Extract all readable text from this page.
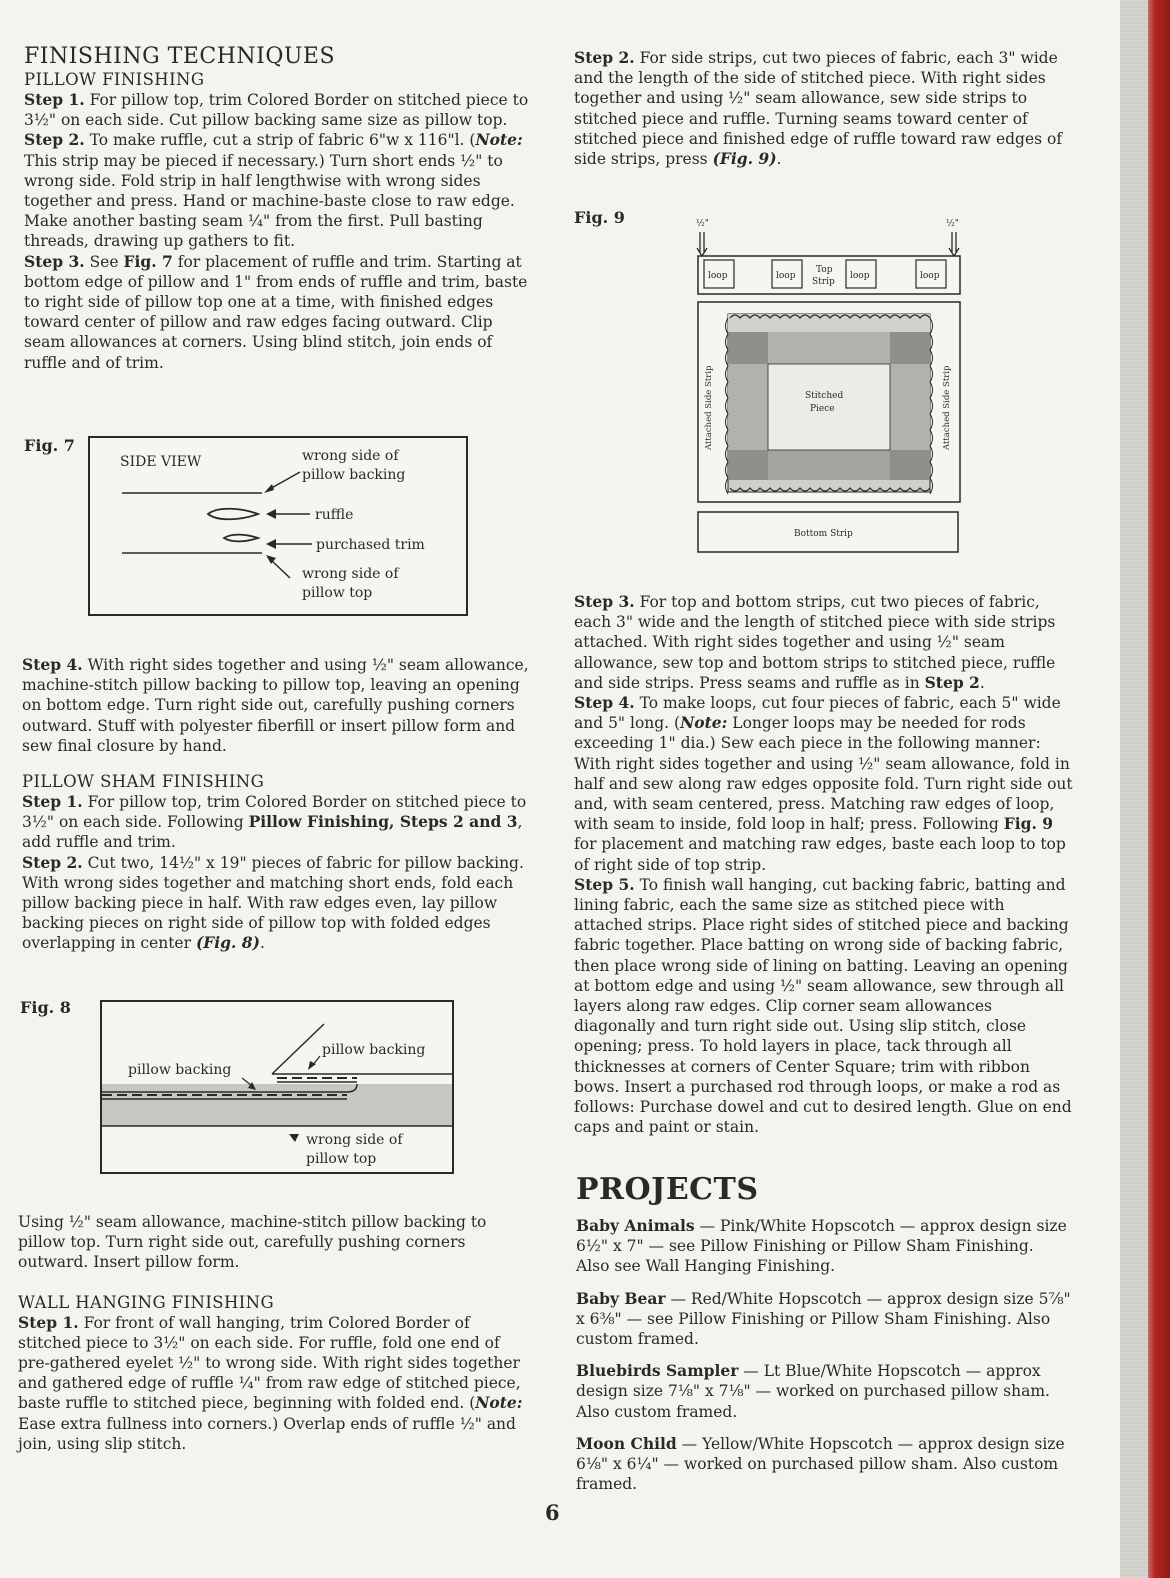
FINISHING TECHNIQUES

PILLOW FINISHING

Step 1. For pillow top, trim Colored Border on stitched piece to 3½" on each side. Cut pillow backing same size as pillow top.

Step 2. To make ruffle, cut a strip of fabric 6"w x 116"l. (Note: This strip may be pieced if necessary.) Turn short ends ½" to wrong side. Fold strip in half lengthwise with wrong sides together and press. Hand or machine-baste close to raw edge. Make another basting seam ¼" from the first. Pull basting threads, drawing up gathers to fit.

Step 3. See Fig. 7 for placement of ruffle and trim. Starting at bottom edge of pillow and 1" from ends of ruffle and trim, baste to right side of pillow top one at a time, with finished edges toward center of pillow and raw edges facing outward. Clip seam allowances at corners. Using blind stitch, join ends of ruffle and of trim.

Fig. 7
SIDE VIEW	wrong side of
pillow backing
ruffle
purchased trim
wrong side of
pillow top

Step 4. With right sides together and using ½" seam allowance, machine-stitch pillow backing to pillow top, leaving an opening on bottom edge. Turn right side out, carefully pushing corners outward. Stuff with polyester fiberfill or insert pillow form and sew final closure by hand.

PILLOW SHAM FINISHING

Step 1. For pillow top, trim Colored Border on stitched piece to 3½" on each side. Following Pillow Finishing, Steps 2 and 3, add ruffle and trim.

Step 2. Cut two, 14½" x 19" pieces of fabric for pillow backing. With wrong sides together and matching short ends, fold each pillow backing piece in half. With raw edges even, lay pillow backing pieces on right side of pillow top with folded edges overlapping in center (Fig. 8).

Fig. 8
pillow backing
pillow backing
wrong side of
pillow top

Using ½" seam allowance, machine-stitch pillow backing to pillow top. Turn right side out, carefully pushing corners outward. Insert pillow form.

WALL HANGING FINISHING

Step 1. For front of wall hanging, trim Colored Border of stitched piece to 3½" on each side. For ruffle, fold one end of pre-gathered eyelet ½" to wrong side. With right sides together and gathered edge of ruffle ¼" from raw edge of stitched piece, baste ruffle to stitched piece, beginning with folded end. (Note: Ease extra fullness into corners.) Overlap ends of ruffle ½" and join, using slip stitch.

Step 2. For side strips, cut two pieces of fabric, each 3" wide and the length of the side of stitched piece. With right sides together and using ½" seam allowance, sew side strips to stitched piece and ruffle. Turning seams toward center of stitched piece and finished edge of ruffle toward raw edges of side strips, press (Fig. 9).

Fig. 9	½"	½"
loop	loop
Top
Strip
loop	loop
Stitched
Piece
Attached Side Strip	Attached Side Strip
Bottom Strip

Step 3. For top and bottom strips, cut two pieces of fabric, each 3" wide and the length of stitched piece with side strips attached. With right sides together and using ½" seam allowance, sew top and bottom strips to stitched piece, ruffle and side strips. Press seams and ruffle as in Step 2.

Step 4. To make loops, cut four pieces of fabric, each 5" wide and 5" long. (Note: Longer loops may be needed for rods exceeding 1" dia.) Sew each piece in the following manner: With right sides together and using ½" seam allowance, fold in half and sew along raw edges opposite fold. Turn right side out and, with seam centered, press. Matching raw edges of loop, with seam to inside, fold loop in half; press. Following Fig. 9 for placement and matching raw edges, baste each loop to top of right side of top strip.

Step 5. To finish wall hanging, cut backing fabric, batting and lining fabric, each the same size as stitched piece with attached strips. Place right sides of stitched piece and backing fabric together. Place batting on wrong side of backing fabric, then place wrong side of lining on batting. Leaving an opening at bottom edge and using ½" seam allowance, sew through all layers along raw edges. Clip corner seam allowances diagonally and turn right side out. Using slip stitch, close opening; press. To hold layers in place, tack through all thicknesses at corners of Center Square; trim with ribbon bows. Insert a purchased rod through loops, or make a rod as follows: Purchase dowel and cut to desired length. Glue on end caps and paint or stain.

PROJECTS

Baby Animals — Pink/White Hopscotch — approx design size 6½" x 7" — see Pillow Finishing or Pillow Sham Finishing. Also see Wall Hanging Finishing.

Baby Bear — Red/White Hopscotch — approx design size 5⅞" x 6⅜" — see Pillow Finishing or Pillow Sham Finishing. Also custom framed.

Bluebirds Sampler — Lt Blue/White Hopscotch — approx design size 7⅛" x 7⅛" — worked on purchased pillow sham. Also custom framed.

Moon Child — Yellow/White Hopscotch — approx design size 6⅛" x 6¼" — worked on purchased pillow sham. Also custom framed.

6
